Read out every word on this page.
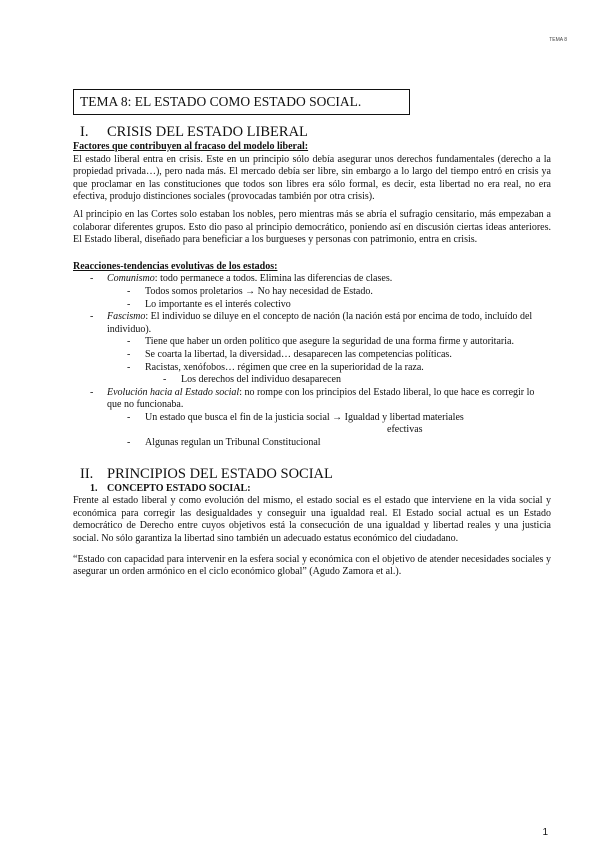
TEMA 8
TEMA 8: EL ESTADO COMO ESTADO SOCIAL.
I. CRISIS DEL ESTADO LIBERAL

Factores que contribuyen al fracaso del modelo liberal:

El estado liberal entra en crisis. Este en un principio sólo debía asegurar unos derechos fundamentales (derecho a la propiedad privada…), pero nada más. El mercado debía ser libre, sin embargo a lo largo del tiempo entró en crisis ya que proclamar en las constituciones que todos son libres era sólo formal, es decir, esta libertad no era real, no era efectiva, produjo distinciones sociales (provocadas también por otra crisis).

Al principio en las Cortes solo estaban los nobles, pero mientras más se abría el sufragio censitario, más empezaban a colaborar diferentes grupos. Esto dio paso al principio democrático, poniendo así en discusión ciertas ideas anteriores. El Estado liberal, diseñado para beneficiar a los burgueses y personas con patrimonio, entra en crisis.

Reacciones-tendencias evolutivas de los estados:

- Comunismo: todo permanece a todos. Elimina las diferencias de clases.
- Todos somos proletarios → No hay necesidad de Estado.
- Lo importante es el interés colectivo
- Fascismo: El individuo se diluye en el concepto de nación (la nación está por encima de todo, incluído del individuo).
- Tiene que haber un orden político que asegure la seguridad de una forma firme y autoritaria.
- Se coarta la libertad, la diversidad… desaparecen las competencias políticas.
- Racistas, xenófobos… régimen que cree en la superioridad de la raza.
- Los derechos del individuo desaparecen
- Evolución hacia al Estado social: no rompe con los principios del Estado liberal, lo que hace es corregir lo que no funcionaba.
- Un estado que busca el fin de la justicia social → Igualdad y libertad materiales
efectivas
- Algunas regulan un Tribunal Constitucional
II. PRINCIPIOS DEL ESTADO SOCIAL
1. CONCEPTO ESTADO SOCIAL:

Frente al estado liberal y como evolución del mismo, el estado social es el estado que interviene en la vida social y económica para corregir las desigualdades y conseguir una igualdad real. El Estado social actual es un Estado democrático de Derecho entre cuyos objetivos está la consecución de una igualdad y libertad reales y una justicia social. No sólo garantiza la libertad sino también un adecuado estatus económico del ciudadano.

“Estado con capacidad para intervenir en la esfera social y económica con el objetivo de atender necesidades sociales y asegurar un orden armónico en el ciclo económico global” (Agudo Zamora et al.).

1
